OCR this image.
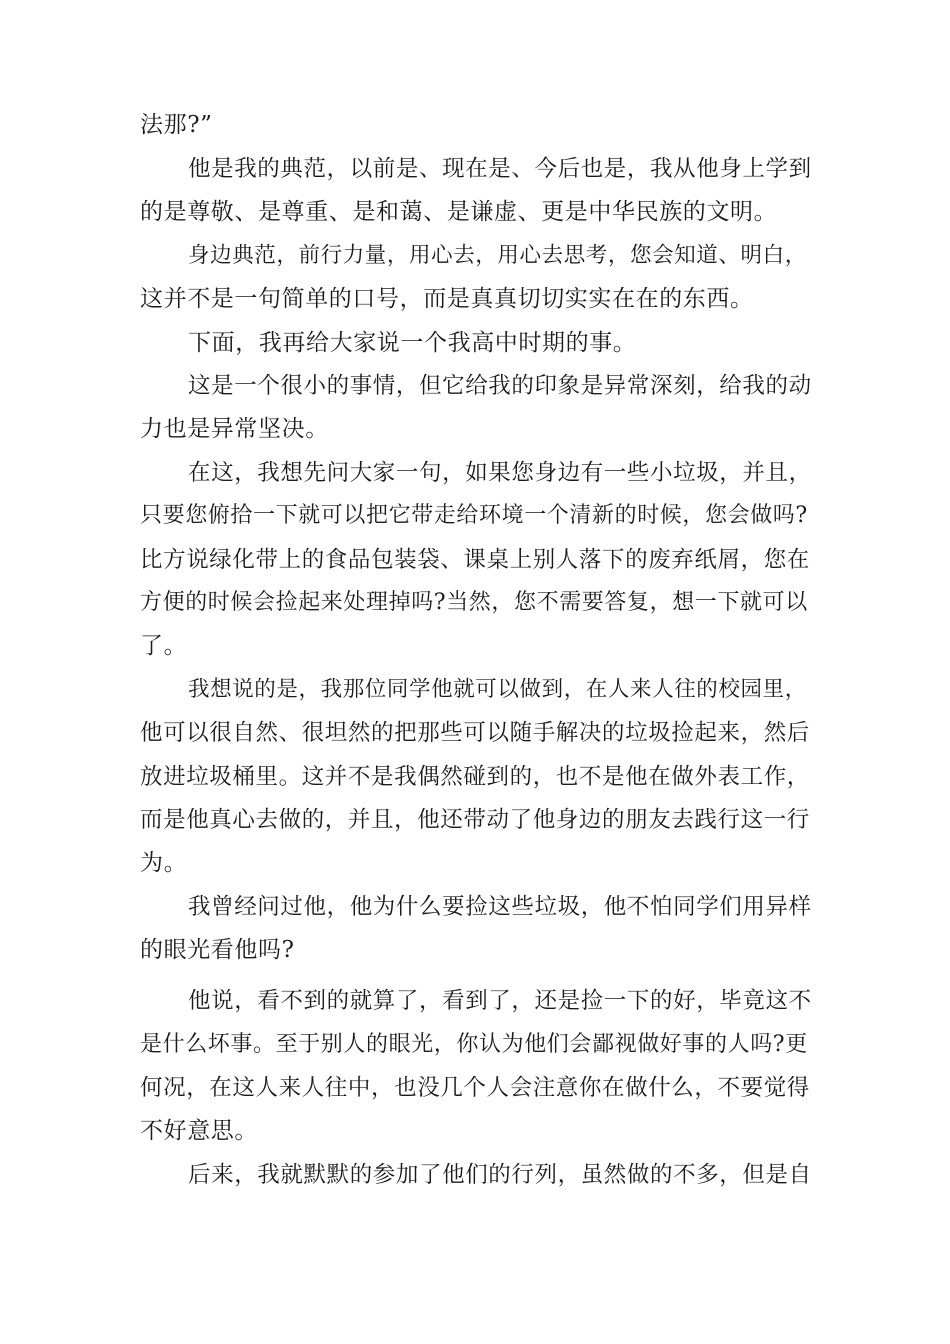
法那?”

他是我的典范，以前是、现在是、今后也是，我从他身上学到

的是尊敬、是尊重、是和蔼、是谦虚、更是中华民族的文明。

身边典范，前行力量，用心去，用心去思考，您会知道、明白，

这并不是一句简单的口号，而是真真切切实实在在的东西。

下面，我再给大家说一个我高中时期的事。

这是一个很小的事情，但它给我的印象是异常深刻，给我的动

力也是异常坚决。

在这，我想先问大家一句，如果您身边有一些小垃圾，并且，

只要您俯拾一下就可以把它带走给环境一个清新的时候，您会做吗?

比方说绿化带上的食品包装袋、课桌上别人落下的废弃纸屑，您在

方便的时候会捡起来处理掉吗?当然，您不需要答复，想一下就可以

了。

我想说的是，我那位同学他就可以做到，在人来人往的校园里，

他可以很自然、很坦然的把那些可以随手解决的垃圾捡起来，然后

放进垃圾桶里。这并不是我偶然碰到的，也不是他在做外表工作，

而是他真心去做的，并且，他还带动了他身边的朋友去践行这一行

为。

我曾经问过他，他为什么要捡这些垃圾，他不怕同学们用异样

的眼光看他吗?

他说，看不到的就算了，看到了，还是捡一下的好，毕竟这不

是什么坏事。至于别人的眼光，你认为他们会鄙视做好事的人吗?更

何况，在这人来人往中，也没几个人会注意你在做什么，不要觉得

不好意思。

后来，我就默默的参加了他们的行列，虽然做的不多，但是自
